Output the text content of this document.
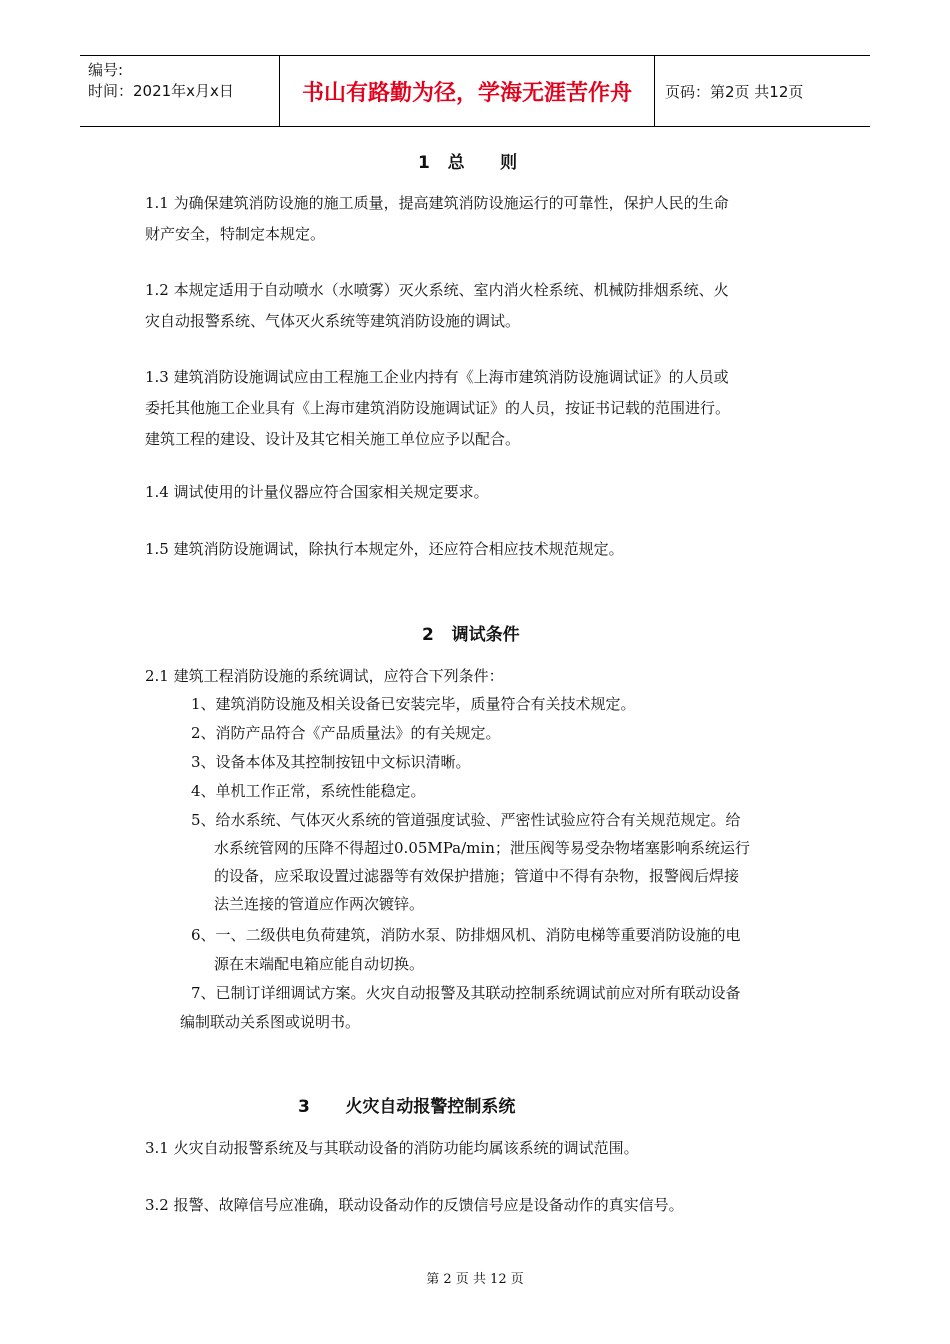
编号:
时间：2021年x月x日	书山有路勤为径，学海无涯苦作舟	页码：第2页 共12页
1   总      则
1.1 为确保建筑消防设施的施工质量，提高建筑消防设施运行的可靠性，保护人民的生命
财产安全，特制定本规定。
1.2 本规定适用于自动喷水（水喷雾）灭火系统、室内消火栓系统、机械防排烟系统、火
灾自动报警系统、气体灭火系统等建筑消防设施的调试。
1.3 建筑消防设施调试应由工程施工企业内持有《上海市建筑消防设施调试证》的人员或
委托其他施工企业具有《上海市建筑消防设施调试证》的人员，按证书记载的范围进行。
建筑工程的建设、设计及其它相关施工单位应予以配合。
1.4 调试使用的计量仪器应符合国家相关规定要求。
1.5 建筑消防设施调试，除执行本规定外，还应符合相应技术规范规定。
2   调试条件
2.1 建筑工程消防设施的系统调试，应符合下列条件：
1、建筑消防设施及相关设备已安装完毕，质量符合有关技术规定。
2、消防产品符合《产品质量法》的有关规定。
3、设备本体及其控制按钮中文标识清晰。
4、单机工作正常，系统性能稳定。
5、给水系统、气体灭火系统的管道强度试验、严密性试验应符合有关规范规定。给
水系统管网的压降不得超过0.05MPa/min；泄压阀等易受杂物堵塞影响系统运行
的设备，应采取设置过滤器等有效保护措施；管道中不得有杂物，报警阀后焊接
法兰连接的管道应作两次镀锌。
6、一、二级供电负荷建筑，消防水泵、防排烟风机、消防电梯等重要消防设施的电
源在末端配电箱应能自动切换。
7、已制订详细调试方案。火灾自动报警及其联动控制系统调试前应对所有联动设备
编制联动关系图或说明书。
3      火灾自动报警控制系统
3.1 火灾自动报警系统及与其联动设备的消防功能均属该系统的调试范围。
3.2 报警、故障信号应准确，联动设备动作的反馈信号应是设备动作的真实信号。
第 2 页 共 12 页
